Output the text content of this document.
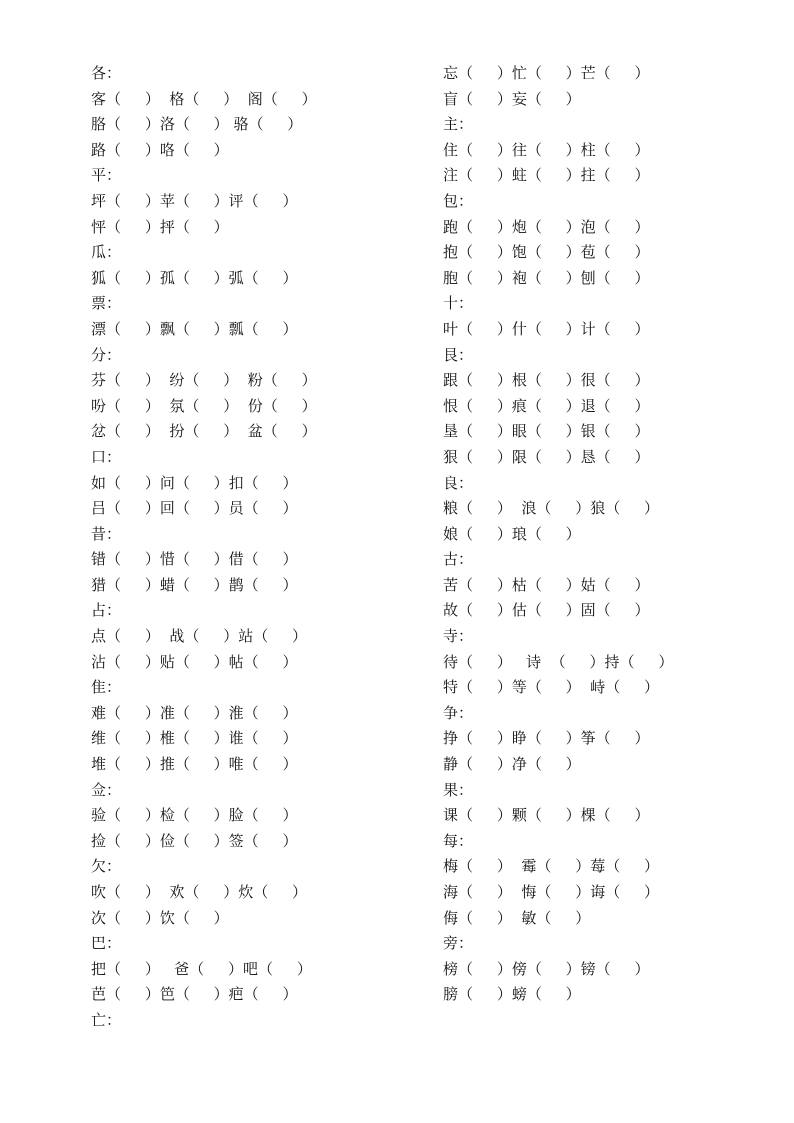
各：
客（     ）  格（     ）  阁（     ）
胳（     ）洛（     ） 骆（     ）
路（     ）咯（     ）
平：
坪（     ）苹（     ）评（     ）
怦（     ）抨（     ）
瓜：
狐（     ）孤（     ）弧（     ）
票：
漂（     ）飘（     ）瓢（     ）
分：
芬（     ）  纷（     ）  粉（     ）
吩（     ）  氛（     ）  份（     ）
忿（     ）  扮（     ）  盆（     ）
口：
如（     ）问（     ）扣（     ）
吕（     ）回（     ）员（     ）
昔：
错（     ）惜（     ）借（     ）
猎（     ）蜡（     ）鹊（     ）
占：
点（     ）  战（     ）站（     ）
沾（     ）贴（     ）帖（     ）
隹：
难（     ）准（     ）淮（     ）
维（     ）椎（     ）谁（     ）
堆（     ）推（     ）唯（     ）
佥：
验（     ）检（     ）脸（     ）
捡（     ）俭（     ）签（     ）
欠：
吹（     ）  欢（     ）炊（     ）
次（     ）饮（     ）
巴：
把（     ）   爸（     ）吧（     ）
芭（     ）笆（     ）疤（     ）
亡：
忘（     ）忙（     ）芒（     ）
盲（     ）妄（     ）
主：
住（     ）往（     ）柱（     ）
注（     ）蛀（     ）拄（     ）
包：
跑（     ）炮（     ）泡（     ）
抱（     ）饱（     ）苞（     ）
胞（     ）袍（     ）刨（     ）
十：
叶（     ）什（     ）计（     ）
艮：
跟（     ）根（     ）很（     ）
恨（     ）痕（     ）退（     ）
垦（     ）眼（     ）银（     ）
狠（     ）限（     ）恳（     ）
良：
粮（     ）  浪（     ）狼（     ）
娘（     ）琅（     ）
古：
苦（     ）枯（     ）姑（     ）
故（     ）估（     ）固（     ）
寺：
待（     ）   诗  （     ）持（     ）
特（     ）等（     ）  峙（     ）
争：
挣（     ）睁（     ）筝（     ）
静（     ）净（     ）
果：
课（     ）颗（     ）棵（     ）
每：
梅（     ）  霉（     ）莓（     ）
海（     ）  悔（     ）诲（     ）
侮（     ）  敏（     ）
旁：
榜（     ）傍（     ）镑（     ）
膀（     ）螃（     ）
